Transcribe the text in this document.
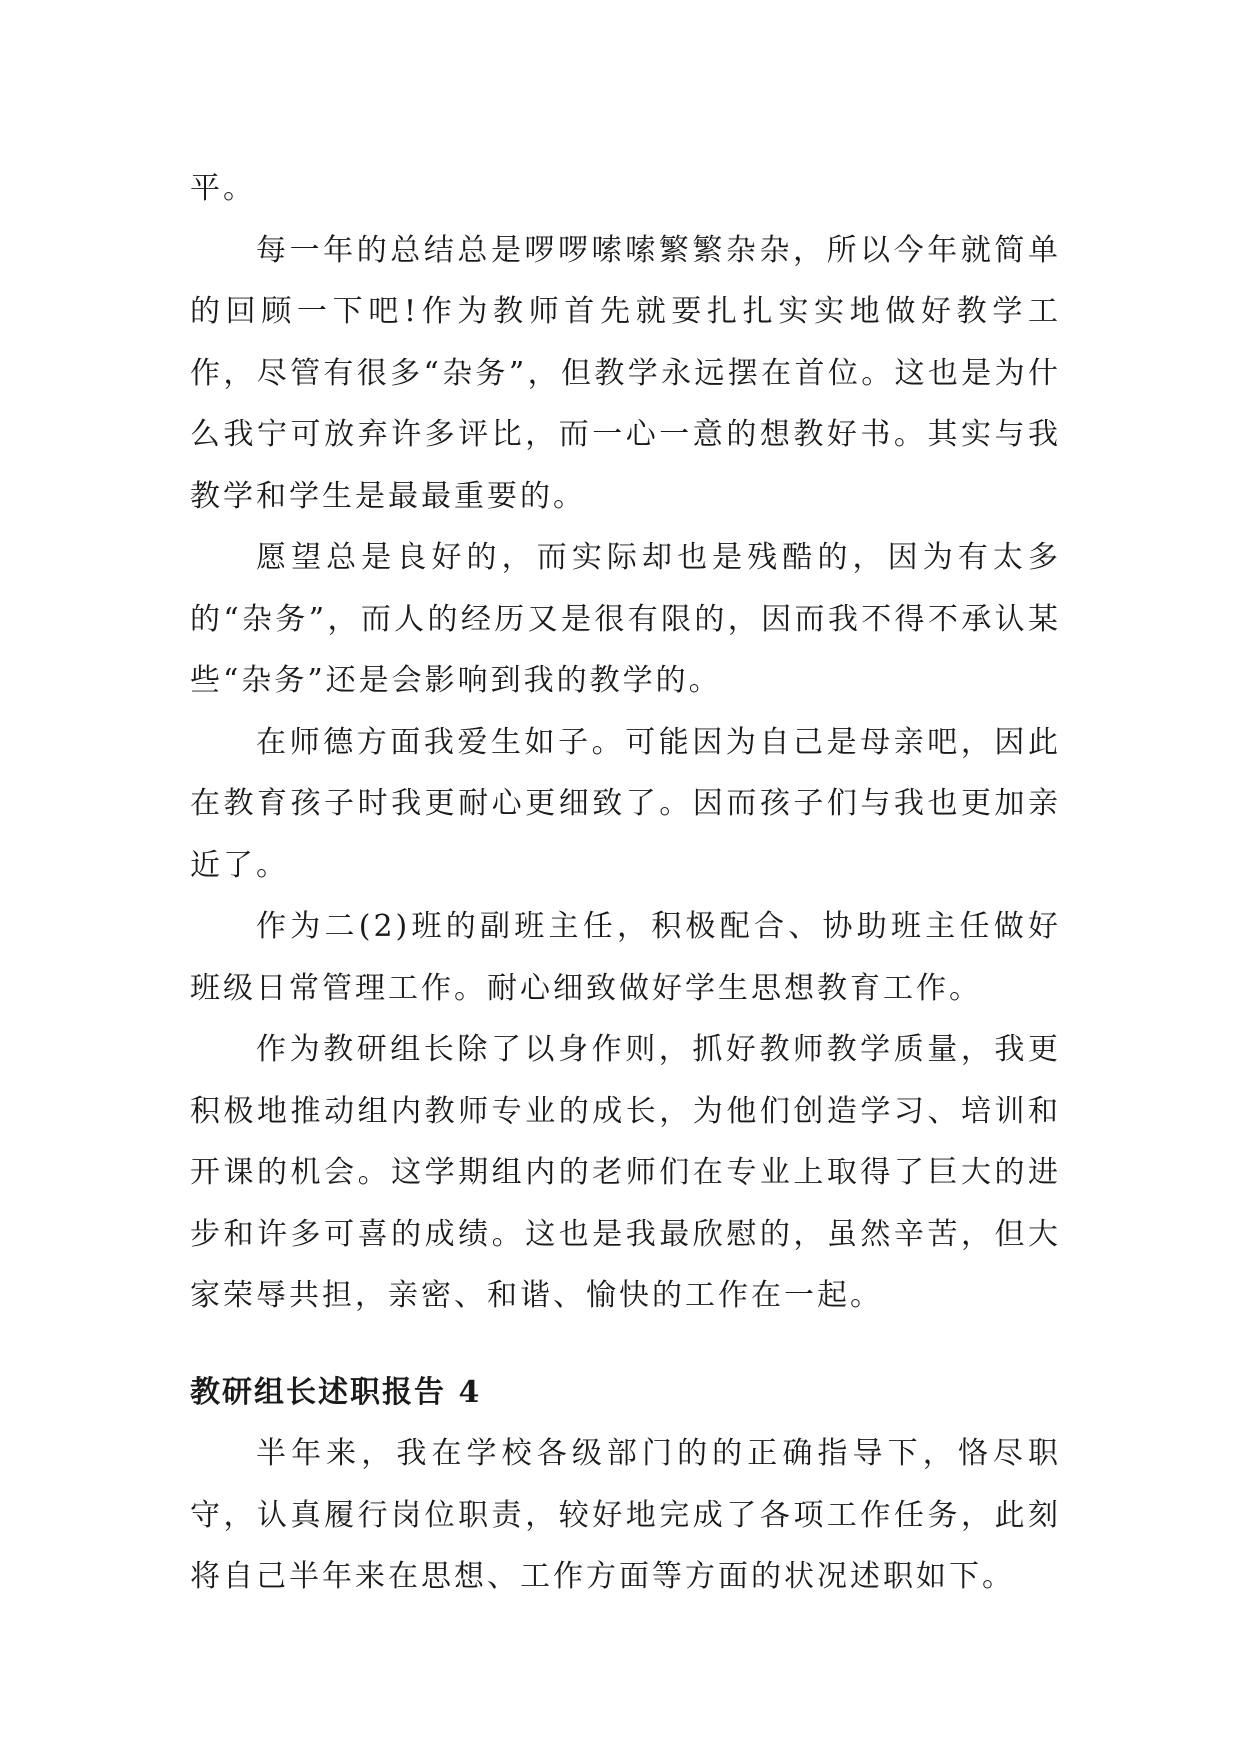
平。

每一年的总结总是啰啰嗦嗦繁繁杂杂，所以今年就简单的回顾一下吧!作为教师首先就要扎扎实实地做好教学工作，尽管有很多“杂务”，但教学永远摆在首位。这也是为什么我宁可放弃许多评比，而一心一意的想教好书。其实与我教学和学生是最最重要的。

愿望总是良好的，而实际却也是残酷的，因为有太多的“杂务”，而人的经历又是很有限的，因而我不得不承认某些“杂务”还是会影响到我的教学的。

在师德方面我爱生如子。可能因为自己是母亲吧，因此在教育孩子时我更耐心更细致了。因而孩子们与我也更加亲近了。

作为二(2)班的副班主任，积极配合、协助班主任做好班级日常管理工作。耐心细致做好学生思想教育工作。

作为教研组长除了以身作则，抓好教师教学质量，我更积极地推动组内教师专业的成长，为他们创造学习、培训和开课的机会。这学期组内的老师们在专业上取得了巨大的进步和许多可喜的成绩。这也是我最欣慰的，虽然辛苦，但大家荣辱共担，亲密、和谐、愉快的工作在一起。

教研组长述职报告 4

半年来，我在学校各级部门的的正确指导下，恪尽职守，认真履行岗位职责，较好地完成了各项工作任务，此刻将自己半年来在思想、工作方面等方面的状况述职如下。
